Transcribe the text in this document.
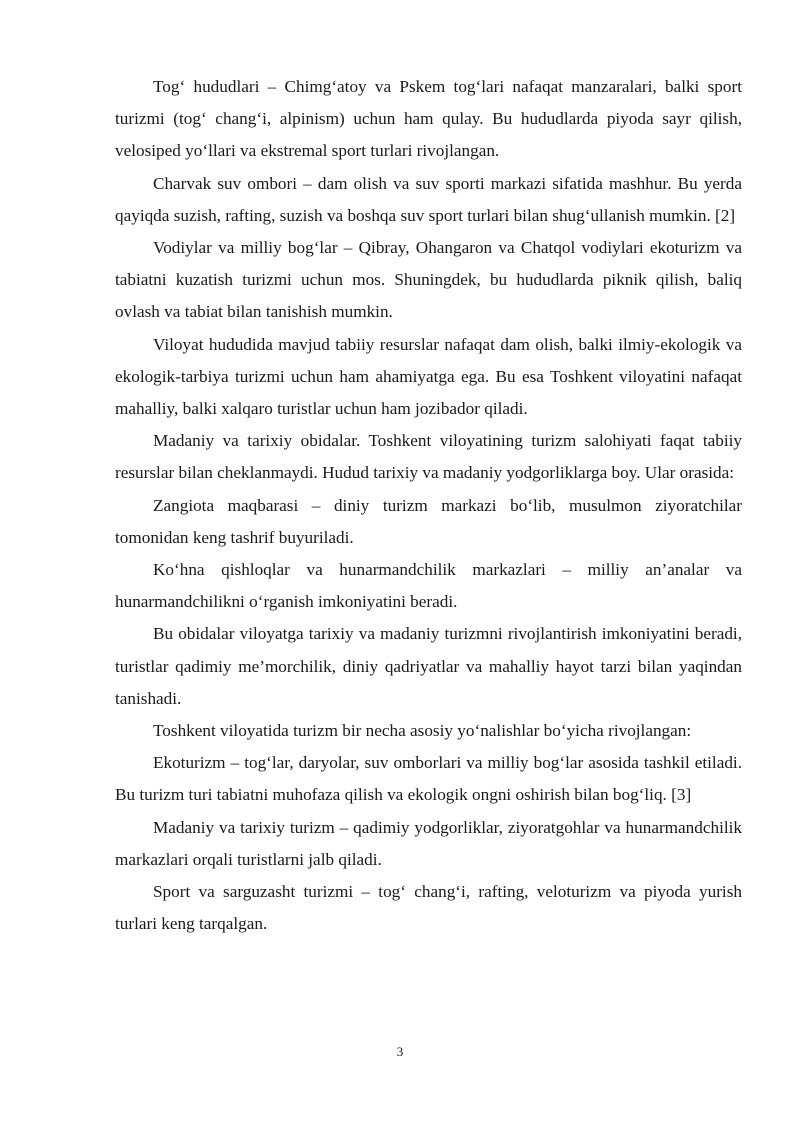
Tog‘ hududlari – Chimg‘atoy va Pskem tog‘lari nafaqat manzaralari, balki sport turizmi (tog‘ chang‘i, alpinism) uchun ham qulay. Bu hududlarda piyoda sayr qilish, velosiped yo‘llari va ekstremal sport turlari rivojlangan.

Charvak suv ombori – dam olish va suv sporti markazi sifatida mashhur. Bu yerda qayiqda suzish, rafting, suzish va boshqa suv sport turlari bilan shug‘ullanish mumkin. [2]

Vodiylar va milliy bog‘lar – Qibray, Ohangaron va Chatqol vodiylari ekoturizm va tabiatni kuzatish turizmi uchun mos. Shuningdek, bu hududlarda piknik qilish, baliq ovlash va tabiat bilan tanishish mumkin.

Viloyat hududida mavjud tabiiy resurslar nafaqat dam olish, balki ilmiy-ekologik va ekologik-tarbiya turizmi uchun ham ahamiyatga ega. Bu esa Toshkent viloyatini nafaqat mahalliy, balki xalqaro turistlar uchun ham jozibador qiladi.

Madaniy va tarixiy obidalar. Toshkent viloyatining turizm salohiyati faqat tabiiy resurslar bilan cheklanmaydi. Hudud tarixiy va madaniy yodgorliklarga boy. Ular orasida:

Zangiota maqbarasi – diniy turizm markazi bo‘lib, musulmon ziyoratchilar tomonidan keng tashrif buyuriladi.

Ko‘hna qishloqlar va hunarmandchilik markazlari – milliy an’analar va hunarmandchilikni o‘rganish imkoniyatini beradi.

Bu obidalar viloyatga tarixiy va madaniy turizmni rivojlantirish imkoniyatini beradi, turistlar qadimiy me’morchilik, diniy qadriyatlar va mahalliy hayot tarzi bilan yaqindan tanishadi.

Toshkent viloyatida turizm bir necha asosiy yo‘nalishlar bo‘yicha rivojlangan:

Ekoturizm – tog‘lar, daryolar, suv omborlari va milliy bog‘lar asosida tashkil etiladi. Bu turizm turi tabiatni muhofaza qilish va ekologik ongni oshirish bilan bog‘liq. [3]

Madaniy va tarixiy turizm – qadimiy yodgorliklar, ziyoratgohlar va hunarmandchilik markazlari orqali turistlarni jalb qiladi.

Sport va sarguzasht turizmi – tog‘ chang‘i, rafting, veloturizm va piyoda yurish turlari keng tarqalgan.

3
